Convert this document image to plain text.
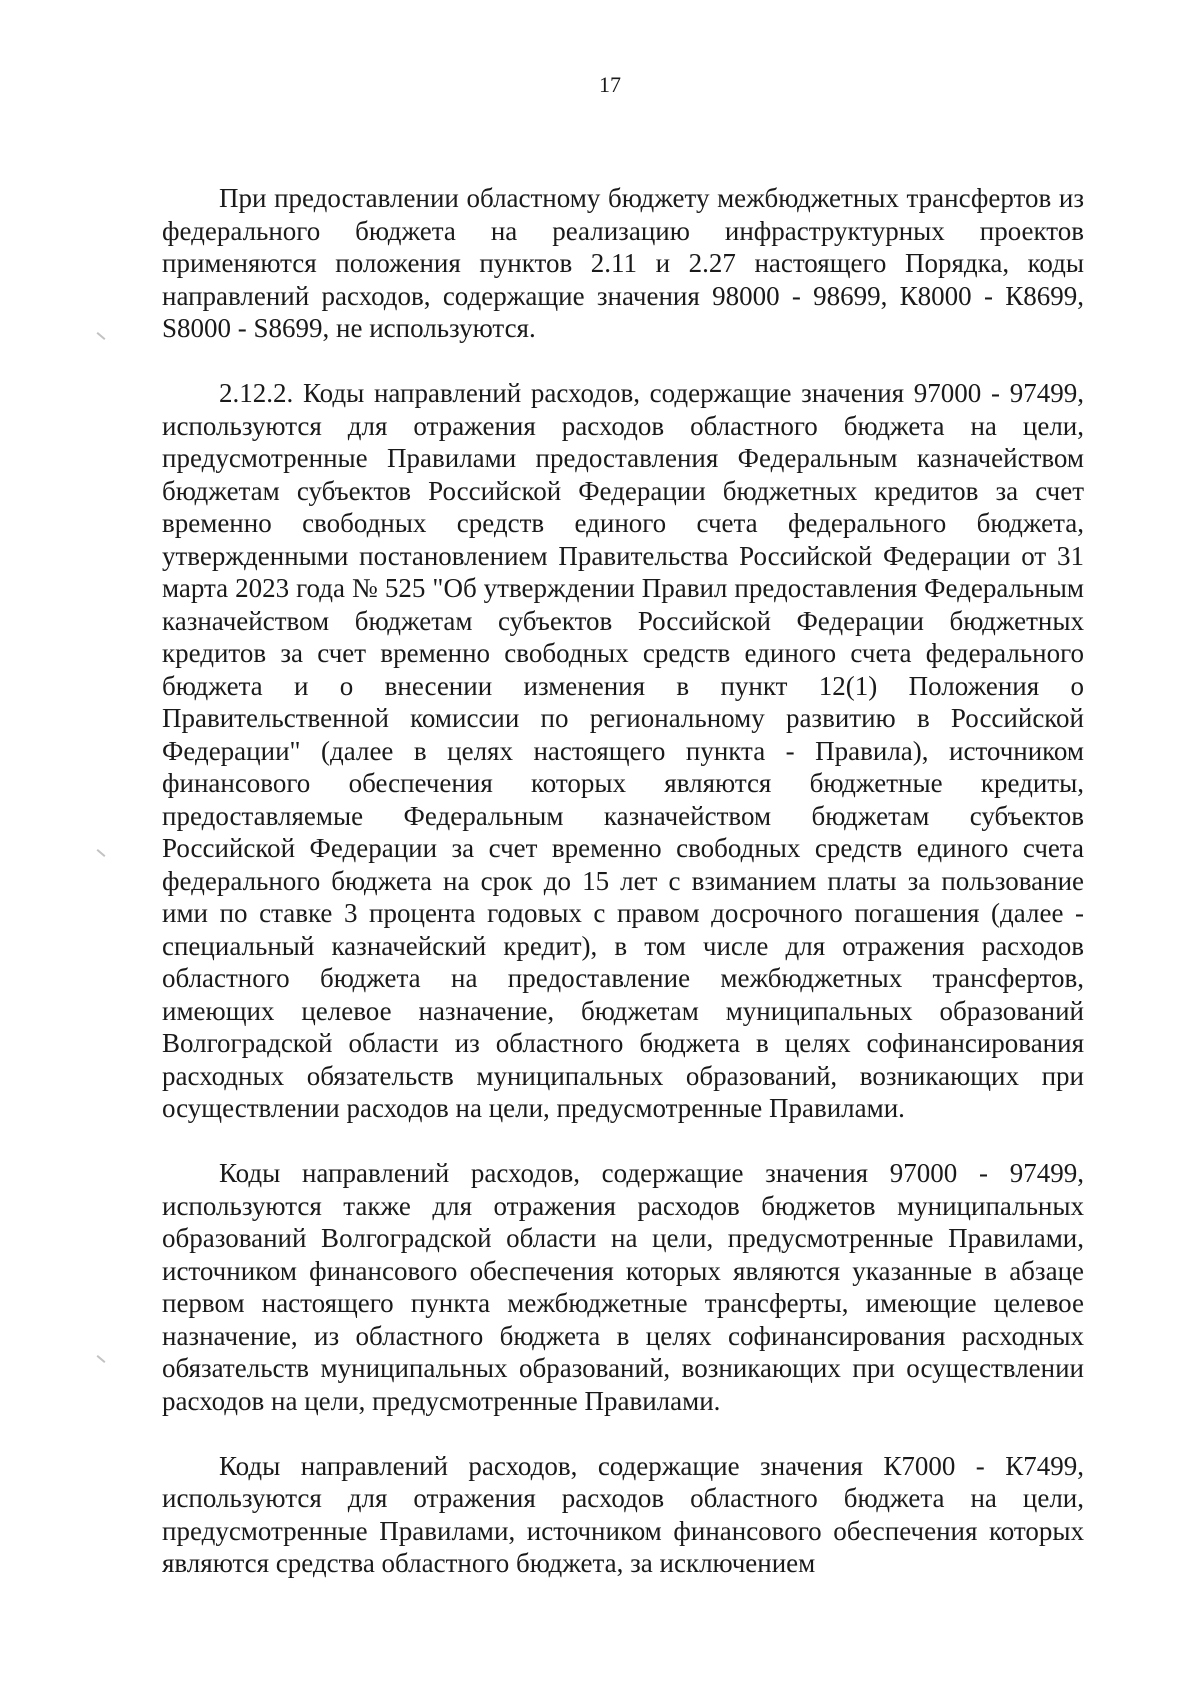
17

При предоставлении областному бюджету межбюджетных трансфертов из федерального бюджета на реализацию инфраструктурных проектов применяются положения пунктов 2.11 и 2.27 настоящего Порядка, коды направлений расходов, содержащие значения 98000 - 98699, К8000 - К8699, S8000 - S8699, не используются.

2.12.2. Коды направлений расходов, содержащие значения 97000 - 97499, используются для отражения расходов областного бюджета на цели, предусмотренные Правилами предоставления Федеральным казначейством бюджетам субъектов Российской Федерации бюджетных кредитов за счет временно свободных средств единого счета федерального бюджета, утвержденными постановлением Правительства Российской Федерации от 31 марта 2023 года № 525 "Об утверждении Правил предоставления Федеральным казначейством бюджетам субъектов Российской Федерации бюджетных кредитов за счет временно свободных средств единого счета федерального бюджета и о внесении изменения в пункт 12(1) Положения о Правительственной комиссии по региональному развитию в Российской Федерации" (далее в целях настоящего пункта - Правила), источником финансового обеспечения которых являются бюджетные кредиты, предоставляемые Федеральным казначейством бюджетам субъектов Российской Федерации за счет временно свободных средств единого счета федерального бюджета на срок до 15 лет с взиманием платы за пользование ими по ставке 3 процента годовых с правом досрочного погашения (далее - специальный казначейский кредит), в том числе для отражения расходов областного бюджета на предоставление межбюджетных трансфертов, имеющих целевое назначение, бюджетам муниципальных образований Волгоградской области из областного бюджета в целях софинансирования расходных обязательств муниципальных образований, возникающих при осуществлении расходов на цели, предусмотренные Правилами.

Коды направлений расходов, содержащие значения 97000 - 97499, используются также для отражения расходов бюджетов муниципальных образований Волгоградской области на цели, предусмотренные Правилами, источником финансового обеспечения которых являются указанные в абзаце первом настоящего пункта межбюджетные трансферты, имеющие целевое назначение, из областного бюджета в целях софинансирования расходных обязательств муниципальных образований, возникающих при осуществлении расходов на цели, предусмотренные Правилами.

Коды направлений расходов, содержащие значения К7000 - К7499, используются для отражения расходов областного бюджета на цели, предусмотренные Правилами, источником финансового обеспечения которых являются средства областного бюджета, за исключением
